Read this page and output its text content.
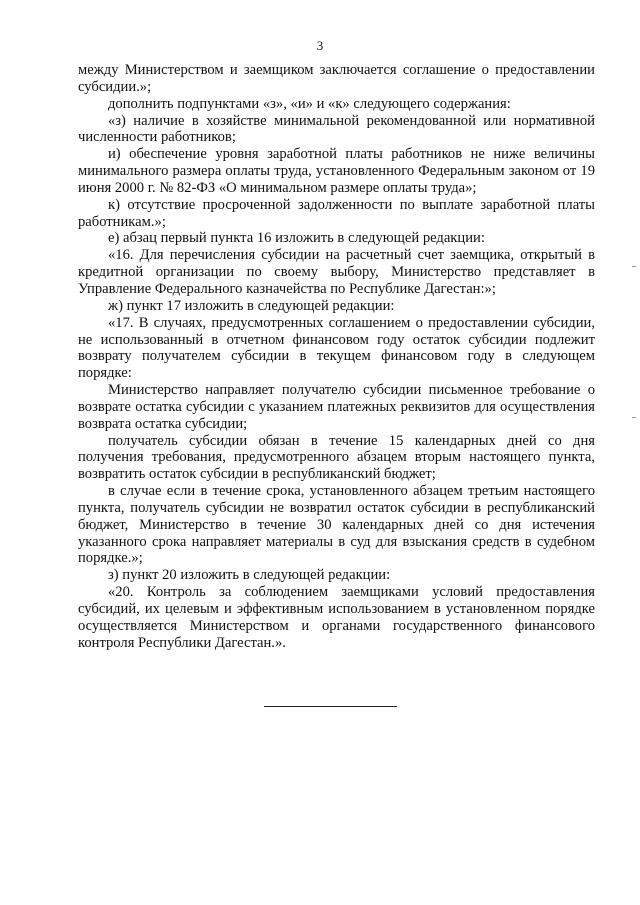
3

между Министерством и заемщиком заключается соглашение о предоставлении субсидии.»;

дополнить подпунктами «з», «и» и «к» следующего содержания:

«з) наличие в хозяйстве минимальной рекомендованной или нормативной численности работников;

и) обеспечение уровня заработной платы работников не ниже величины минимального размера оплаты труда, установленного Федеральным законом от 19 июня 2000 г. № 82-ФЗ «О минимальном размере оплаты труда»;

к) отсутствие просроченной задолженности по выплате заработной платы работникам.»;

е) абзац первый пункта 16 изложить в следующей редакции:

«16. Для перечисления субсидии на расчетный счет заемщика, открытый в кредитной организации по своему выбору, Министерство представляет в Управление Федерального казначейства по Республике Дагестан:»;

ж) пункт 17 изложить в следующей редакции:

«17. В случаях, предусмотренных соглашением о предоставлении субсидии, не использованный в отчетном финансовом году остаток субсидии подлежит возврату получателем субсидии в текущем финансовом году в следующем порядке:

Министерство направляет получателю субсидии письменное требование о возврате остатка субсидии с указанием платежных реквизитов для осуществления возврата остатка субсидии;

получатель субсидии обязан в течение 15 календарных дней со дня получения требования, предусмотренного абзацем вторым настоящего пункта, возвратить остаток субсидии в республиканский бюджет;

в случае если в течение срока, установленного абзацем третьим настоящего пункта, получатель субсидии не возвратил остаток субсидии в республиканский бюджет, Министерство в течение 30 календарных дней со дня истечения указанного срока направляет материалы в суд для взыскания средств в судебном порядке.»;

з) пункт 20 изложить в следующей редакции:

«20. Контроль за соблюдением заемщиками условий предоставления субсидий, их целевым и эффективным использованием в установленном порядке осуществляется Министерством и органами государственного финансового контроля Республики Дагестан.».
